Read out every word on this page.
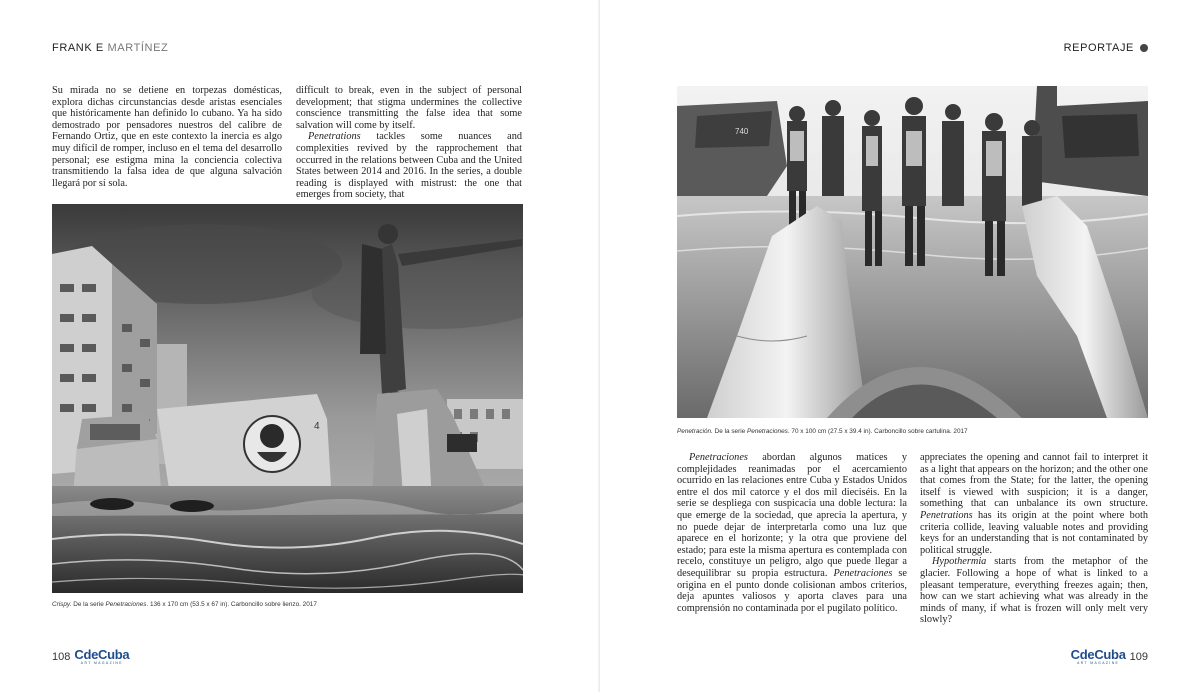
FRANK E MARTÍNEZ

Su mirada no se detiene en torpezas domésticas, explora dichas circunstancias desde aristas esenciales que históricamente han definido lo cubano. Ya ha sido demostrado por pensadores nuestros del calibre de Fernando Ortiz, que en este contexto la inercia es algo muy difícil de romper, incluso en el tema del desarrollo personal; ese estigma mina la conciencia colectiva transmitiendo la falsa idea de que alguna salvación llegará por sí sola.

difficult to break, even in the subject of personal development; that stigma undermines the collective conscience transmitting the false idea that some salvation will come by itself.

Penetrations tackles some nuances and complexities revived by the rapprochement that occurred in the relations between Cuba and the United States between 2014 and 2016. In the series, a double reading is displayed with mistrust: the one that emerges from society, that

4
Crispy. De la serie Penetraciones. 136 x 170 cm (53.5 x 67 in). Carboncillo sobre lienzo. 2017
108 CdeCuba
ART MAGAZINE
REPORTAJE
740
Penetración. De la serie Penetraciones. 70 x 100 cm (27.5 x 39.4 in). Carboncillo sobre cartulina. 2017

Penetraciones abordan algunos matices y complejidades reanimadas por el acercamiento ocurrido en las relaciones entre Cuba y Estados Unidos entre el dos mil catorce y el dos mil dieciséis. En la serie se despliega con suspicacia una doble lectura: la que emerge de la sociedad, que aprecia la apertura, y no puede dejar de interpretarla como una luz que aparece en el horizonte; y la otra que proviene del estado; para este la misma apertura es contemplada con recelo, constituye un peligro, algo que puede llegar a desequilibrar su propia estructura. Penetraciones se origina en el punto donde colisionan ambos criterios, deja apuntes valiosos y aporta claves para una comprensión no contaminada por el pugilato político.

appreciates the opening and cannot fail to interpret it as a light that appears on the horizon; and the other one that comes from the State; for the latter, the opening itself is viewed with suspicion; it is a danger, something that can unbalance its own structure. Penetrations has its origin at the point where both criteria collide, leaving valuable notes and providing keys for an understanding that is not contaminated by political struggle.

Hypothermia starts from the metaphor of the glacier. Following a hope of what is linked to a pleasant temperature, everything freezes again; then, how can we start achieving what was already in the minds of many, if what is frozen will only melt very slowly?

CdeCuba
ART MAGAZINE
109
